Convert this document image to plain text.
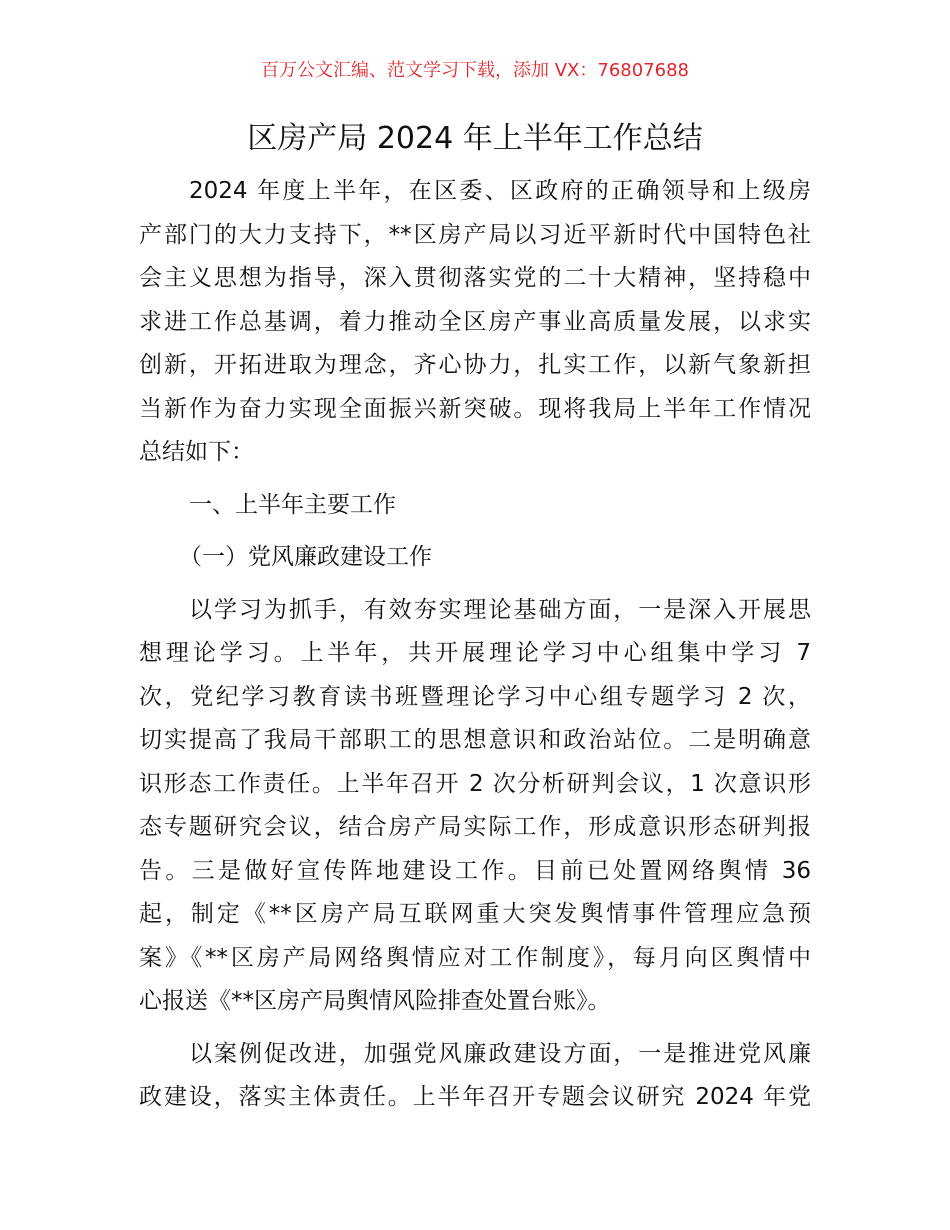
百万公文汇编、范文学习下载，添加 VX：76807688
区房产局 2024 年上半年工作总结
2024 年度上半年，在区委、区政府的正确领导和上级房
产部门的大力支持下，**区房产局以习近平新时代中国特色社
会主义思想为指导，深入贯彻落实党的二十大精神，坚持稳中
求进工作总基调，着力推动全区房产事业高质量发展，以求实
创新，开拓进取为理念，齐心协力，扎实工作，以新气象新担
当新作为奋力实现全面振兴新突破。现将我局上半年工作情况
总结如下：
一、上半年主要工作
（一）党风廉政建设工作
以学习为抓手，有效夯实理论基础方面，一是深入开展思
想理论学习。上半年，共开展理论学习中心组集中学习 7
次，党纪学习教育读书班暨理论学习中心组专题学习 2 次，
切实提高了我局干部职工的思想意识和政治站位。二是明确意
识形态工作责任。上半年召开 2 次分析研判会议，1 次意识形
态专题研究会议，结合房产局实际工作，形成意识形态研判报
告。三是做好宣传阵地建设工作。目前已处置网络舆情 36
起，制定《**区房产局互联网重大突发舆情事件管理应急预
案》《**区房产局网络舆情应对工作制度》，每月向区舆情中
心报送《**区房产局舆情风险排查处置台账》。
以案例促改进，加强党风廉政建设方面，一是推进党风廉
政建设，落实主体责任。上半年召开专题会议研究 2024 年党
